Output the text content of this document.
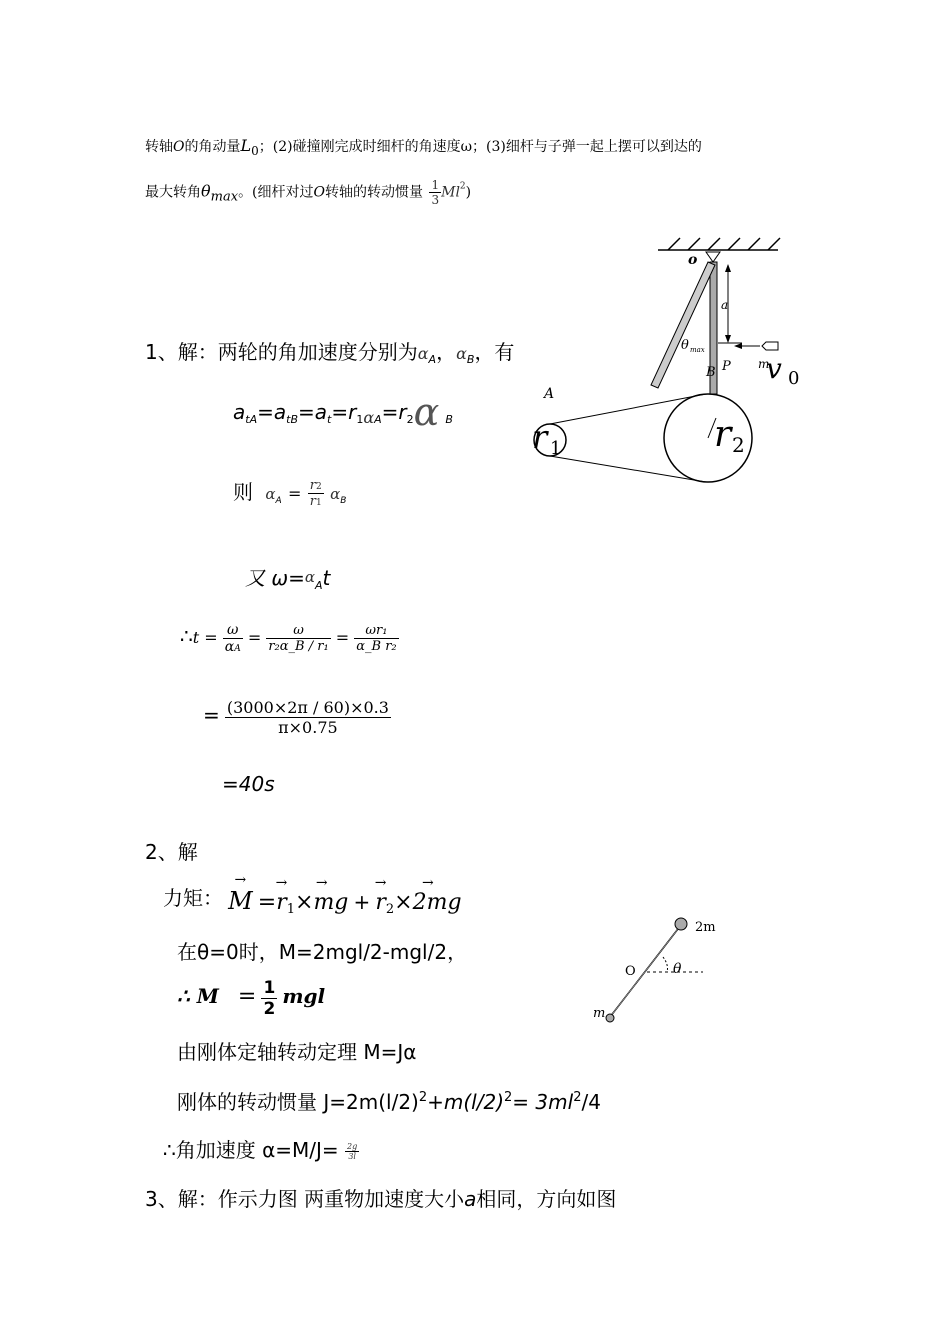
转轴O的角动量L0；(2)碰撞刚完成时细杆的角速度ω；(3)细杆与子弹一起上摆可以到达的
最大转角θmax。(细杆对过O转轴的转动惯量 $\frac{1}{3} Ml^2$)
o
a
θ max
P
B
m
v 0
A
r 1	r 2
1、解：两轮的角加速度分别为$\alpha_A$，$\alpha_B$，有
$a_{tA}=a_{tB}=a_t=r_{1\alpha A}=r_2\alpha$ $_B$
则 $\alpha_A = \frac{r2}{r1} \alpha_B$
又 $\omega=\alpha_At$
∴t = $\frac{\omega}{\alpha A} = \frac{\omega}{\text{r₂α\_B / r₁}} = \frac{\text{ωr₁}}{\text{α\_B r₂}}$
= $\frac{(3000\times 2\pi / 60)\times 0.3}{\pi\times 0.75}$
=40s
2、解
力矩： → $M =\to r_1\to \times mg$ + → $r_2\to \times 2mg$
在θ=0时，M=2mgl/2-mgl/2，
∴ $M = \frac{1}{2}$ mgl
由刚体定轴转动定理 M=Jα
刚体的转动惯量 $J=2m(l/2)^2+m(l/2)^2= 3ml^2/4$
∴角加速度 $\alpha=M/J= \frac{2g}{3l}$
2m
O	θ
m
3、解：作示力图 两重物加速度大小a相同，方向如图
